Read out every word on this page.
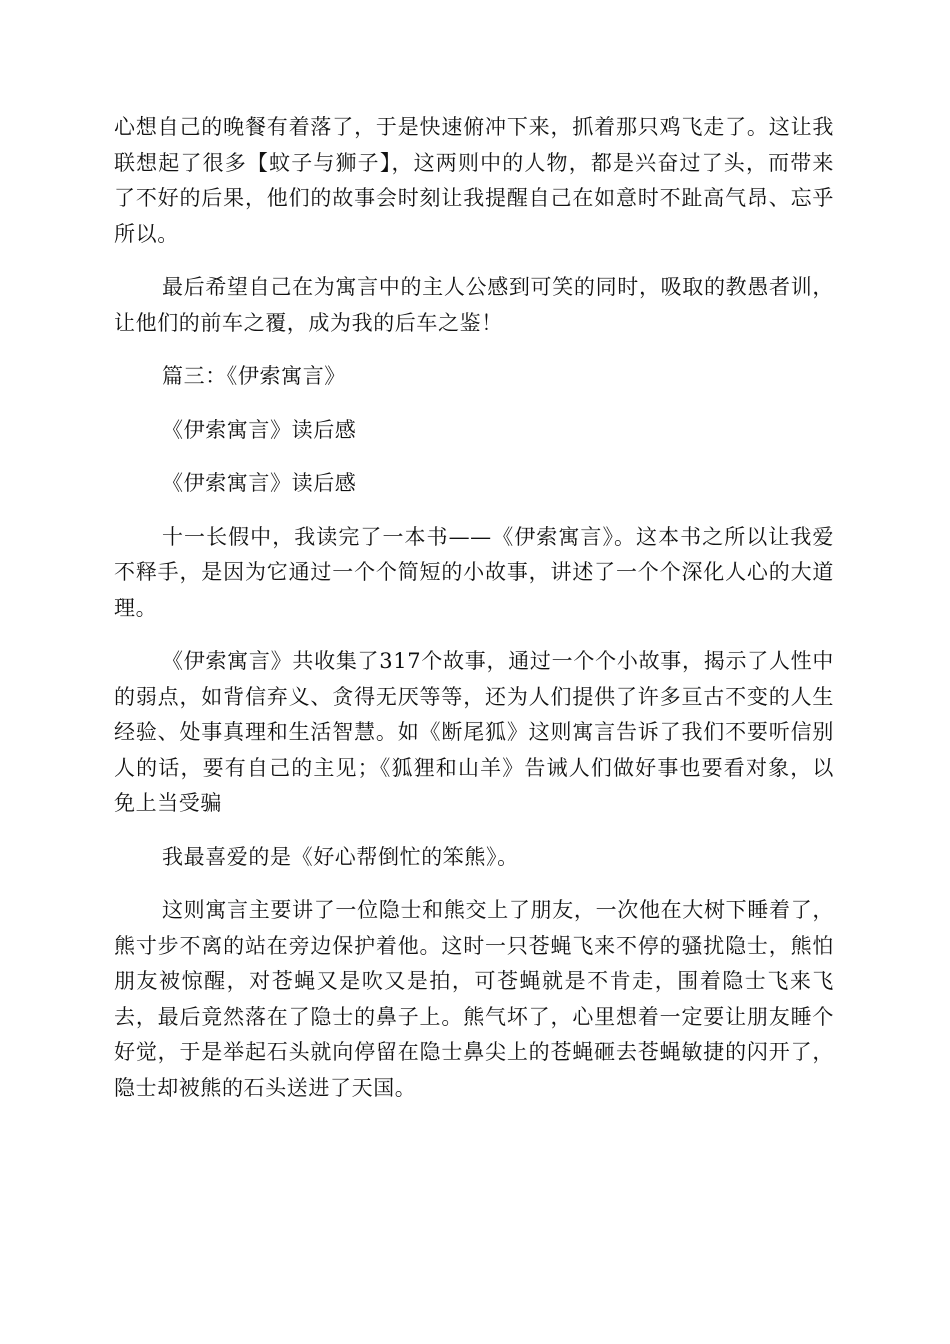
心想自己的晚餐有着落了，于是快速俯冲下来，抓着那只鸡飞走了。这让我联想起了很多【蚊子与狮子】，这两则中的人物，都是兴奋过了头，而带来了不好的后果，他们的故事会时刻让我提醒自己在如意时不趾高气昂、忘乎所以。

最后希望自己在为寓言中的主人公感到可笑的同时，吸取的教愚者训，让他们的前车之覆，成为我的后车之鉴！

篇三：《伊索寓言》

《伊索寓言》读后感

《伊索寓言》读后感

十一长假中，我读完了一本书——《伊索寓言》。这本书之所以让我爱不释手，是因为它通过一个个简短的小故事，讲述了一个个深化人心的大道理。

《伊索寓言》共收集了317个故事，通过一个个小故事，揭示了人性中的弱点，如背信弃义、贪得无厌等等，还为人们提供了许多亘古不变的人生经验、处事真理和生活智慧。如《断尾狐》这则寓言告诉了我们不要听信别人的话，要有自己的主见；《狐狸和山羊》告诫人们做好事也要看对象，以免上当受骗

我最喜爱的是《好心帮倒忙的笨熊》。

这则寓言主要讲了一位隐士和熊交上了朋友，一次他在大树下睡着了，熊寸步不离的站在旁边保护着他。这时一只苍蝇飞来不停的骚扰隐士，熊怕朋友被惊醒，对苍蝇又是吹又是拍，可苍蝇就是不肯走，围着隐士飞来飞去，最后竟然落在了隐士的鼻子上。熊气坏了，心里想着一定要让朋友睡个好觉，于是举起石头就向停留在隐士鼻尖上的苍蝇砸去苍蝇敏捷的闪开了，隐士却被熊的石头送进了天国。
